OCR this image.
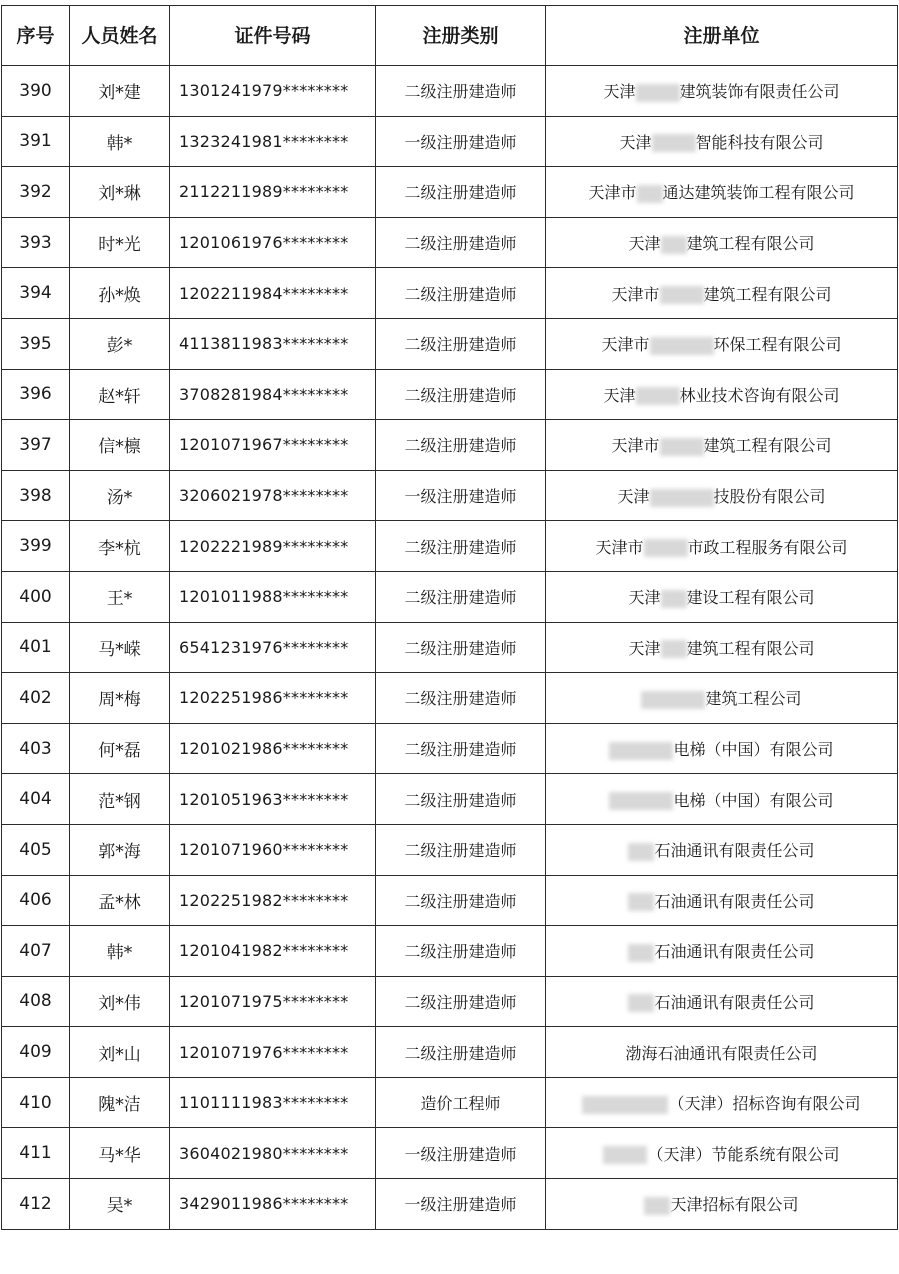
序号	人员姓名	证件号码	注册类别	注册单位
390	刘*建	1301241979********	二级注册建造师	天津 建筑装饰有限责任公司
391	韩*	1323241981********	一级注册建造师	天津 智能科技有限公司
392	刘*琳	2112211989********	二级注册建造师	天津市 通达建筑装饰工程有限公司
393	时*光	1201061976********	二级注册建造师	天津 建筑工程有限公司
394	孙*焕	1202211984********	二级注册建造师	天津市 建筑工程有限公司
395	彭*	4113811983********	二级注册建造师	天津市 环保工程有限公司
396	赵*轩	3708281984********	二级注册建造师	天津 林业技术咨询有限公司
397	信*檩	1201071967********	二级注册建造师	天津市 建筑工程有限公司
398	汤*	3206021978********	一级注册建造师	天津 技股份有限公司
399	李*杭	1202221989********	二级注册建造师	天津市 市政工程服务有限公司
400	王*	1201011988********	二级注册建造师	天津 建设工程有限公司
401	马*嵘	6541231976********	二级注册建造师	天津 建筑工程有限公司
402	周*梅	1202251986********	二级注册建造师	建筑工程公司
403	何*磊	1201021986********	二级注册建造师	电梯（中国）有限公司
404	范*钢	1201051963********	二级注册建造师	电梯（中国）有限公司
405	郭*海	1201071960********	二级注册建造师	石油通讯有限责任公司
406	孟*林	1202251982********	二级注册建造师	石油通讯有限责任公司
407	韩*	1201041982********	二级注册建造师	石油通讯有限责任公司
408	刘*伟	1201071975********	二级注册建造师	石油通讯有限责任公司
409	刘*山	1201071976********	二级注册建造师	渤海石油通讯有限责任公司
410	隗*洁	1101111983********	造价工程师	（天津）招标咨询有限公司
411	马*华	3604021980********	一级注册建造师	（天津）节能系统有限公司
412	吴*	3429011986********	一级注册建造师	天津招标有限公司
